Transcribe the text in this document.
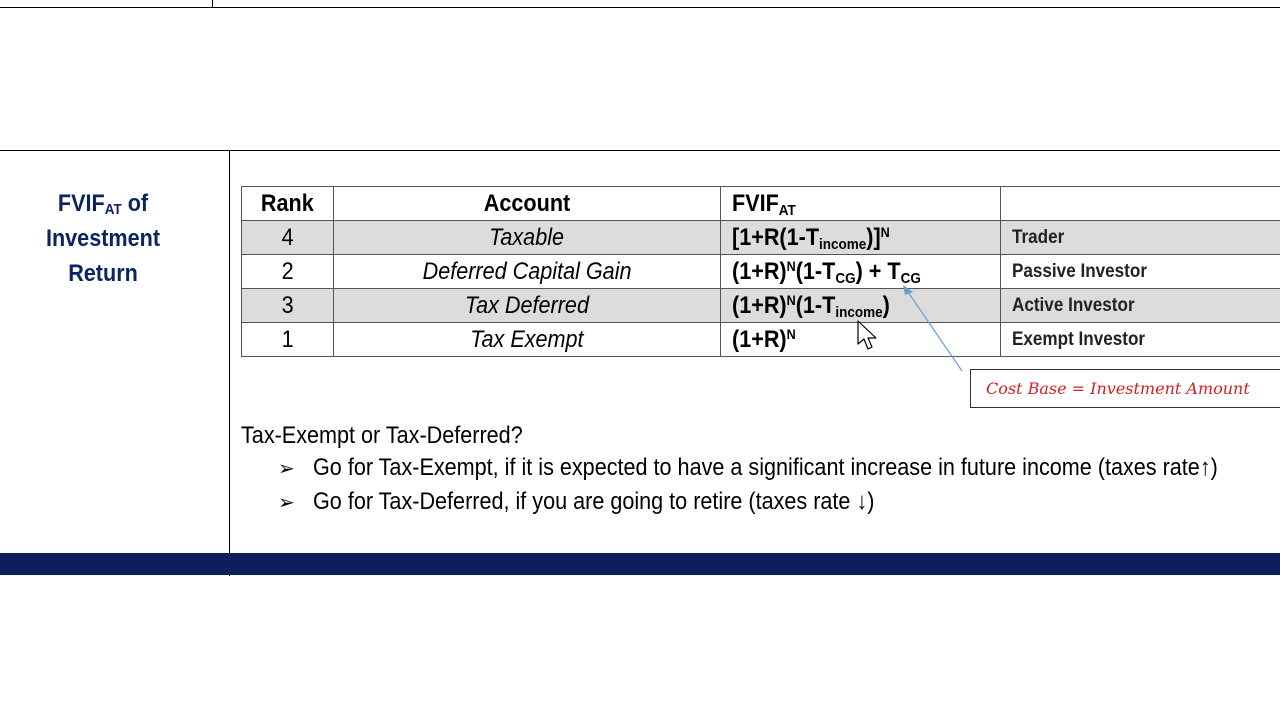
$FVIF_{AT}$ of
Investment Return
Rank	Account	$FVIF_{AT}$	
4	Taxable	$[1+R(1-T_{income})]^N$	Trader
2	Deferred Capital Gain	$(1+R)^N(1-T_{CG}) + T_{CG}$	Passive Investor
3	Tax Deferred	$(1+R)^N(1-T_{income})$	Active Investor
1	Tax Exempt	$(1+R)^N$	Exempt Investor
Cost Base = Investment Amount
Tax-Exempt or Tax-Deferred?
➢ Go for Tax-Exempt, if it is expected to have a significant increase in future income (taxes rate↑)
➢ Go for Tax-Deferred, if you are going to retire (taxes rate ↓)
